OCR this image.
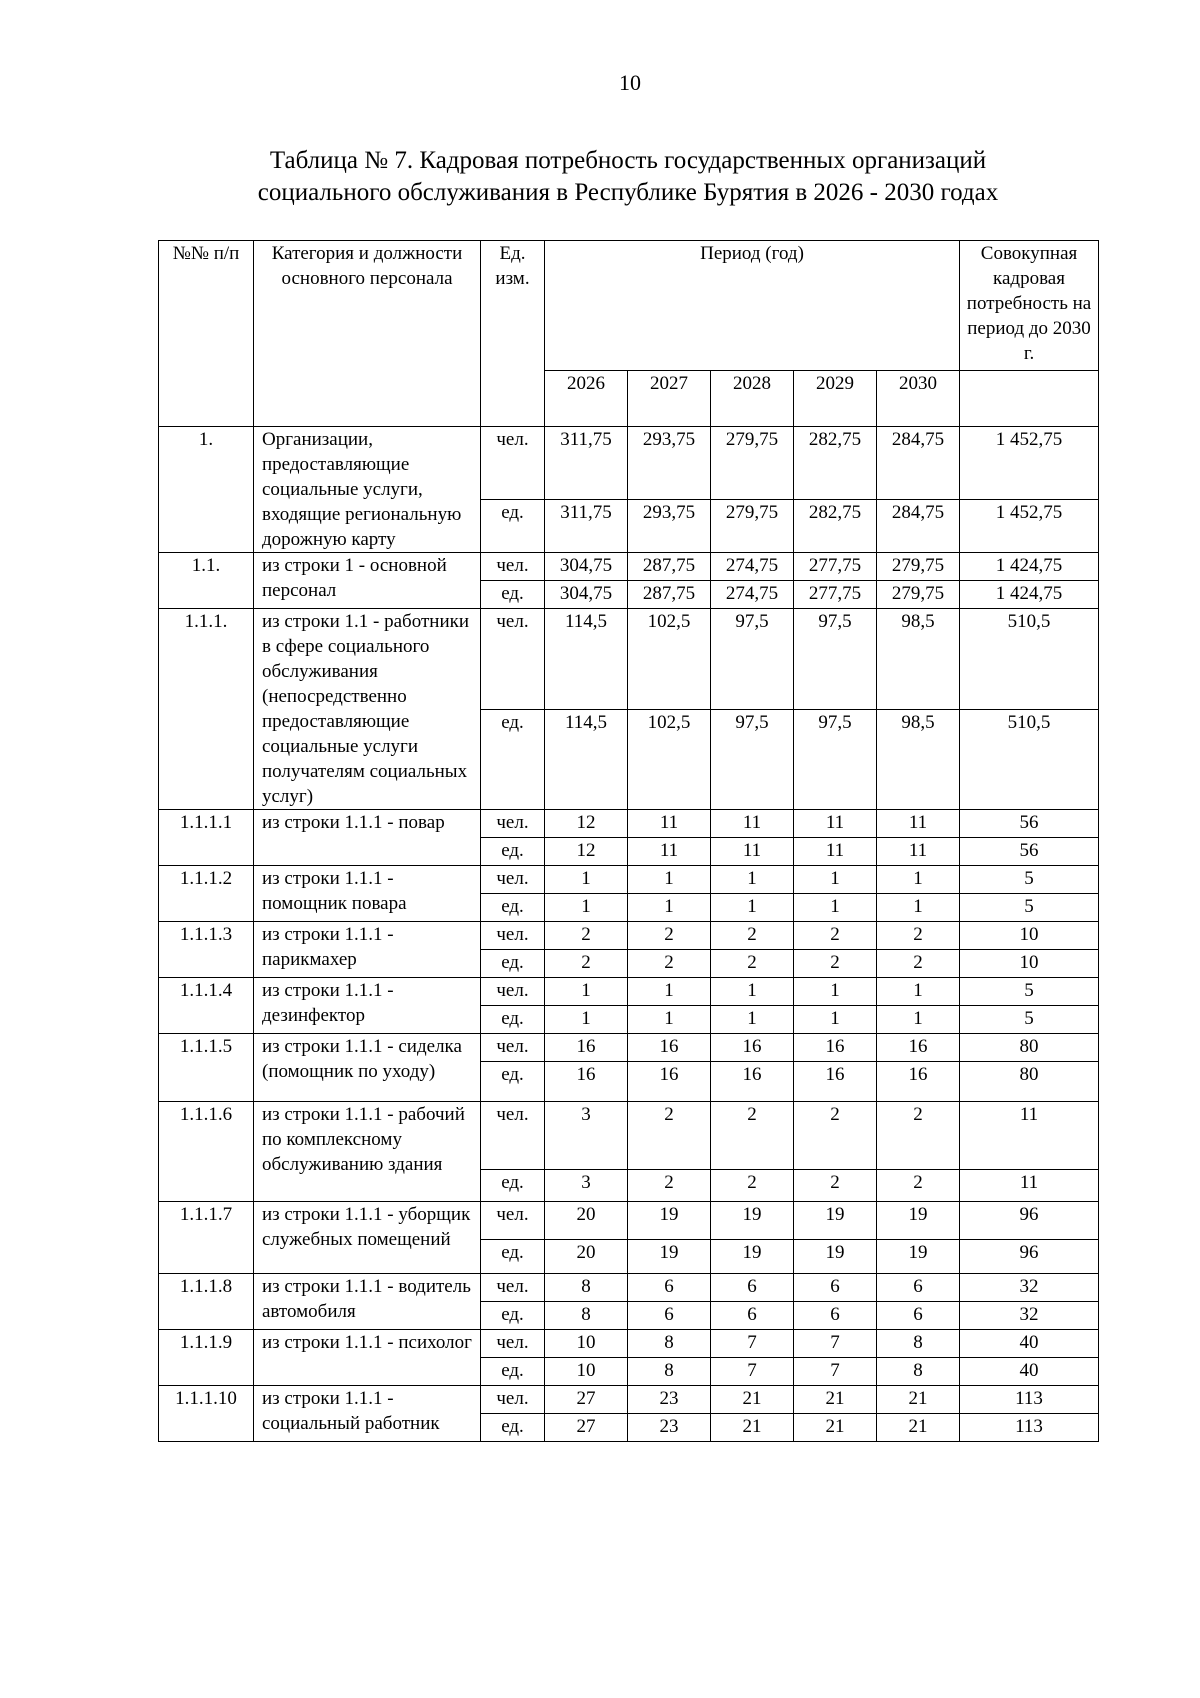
10
Таблица № 7. Кадровая потребность государственных организаций
социального обслуживания в Республике Бурятия в 2026 - 2030 годах
№№ п/п	Категория и должности основного персонала	Ед. изм.	Период (год)					Совокупная кадровая потребность на период до 2030 г.
			2026	2027	2028	2029	2030	
1.	Организации, предоставляющие социальные услуги, входящие региональную дорожную карту	чел.	311,75	293,75	279,75	282,75	284,75	1 452,75
		ед.	311,75	293,75	279,75	282,75	284,75	1 452,75
1.1.	из строки 1 - основной персонал	чел.	304,75	287,75	274,75	277,75	279,75	1 424,75
		ед.	304,75	287,75	274,75	277,75	279,75	1 424,75
1.1.1.	из строки 1.1 - работники в сфере социального обслуживания (непосредственно предоставляющие социальные услуги получателям социальных услуг)	чел.	114,5	102,5	97,5	97,5	98,5	510,5
		ед.	114,5	102,5	97,5	97,5	98,5	510,5
1.1.1.1	из строки 1.1.1 - повар	чел.	12	11	11	11	11	56
		ед.	12	11	11	11	11	56
1.1.1.2	из строки 1.1.1 - помощник повара	чел.	1	1	1	1	1	5
		ед.	1	1	1	1	1	5
1.1.1.3	из строки 1.1.1 - парикмахер	чел.	2	2	2	2	2	10
		ед.	2	2	2	2	2	10
1.1.1.4	из строки 1.1.1 - дезинфектор	чел.	1	1	1	1	1	5
		ед.	1	1	1	1	1	5
1.1.1.5	из строки 1.1.1 - сиделка (помощник по уходу)	чел.	16	16	16	16	16	80
		ед.	16	16	16	16	16	80
1.1.1.6	из строки 1.1.1 - рабочий по комплексному обслуживанию здания	чел.	3	2	2	2	2	11
		ед.	3	2	2	2	2	11
1.1.1.7	из строки 1.1.1 - уборщик служебных помещений	чел.	20	19	19	19	19	96
		ед.	20	19	19	19	19	96
1.1.1.8	из строки 1.1.1 - водитель автомобиля	чел.	8	6	6	6	6	32
		ед.	8	6	6	6	6	32
1.1.1.9	из строки 1.1.1 - психолог	чел.	10	8	7	7	8	40
		ед.	10	8	7	7	8	40
1.1.1.10	из строки 1.1.1 - социальный работник	чел.	27	23	21	21	21	113
		ед.	27	23	21	21	21	113
